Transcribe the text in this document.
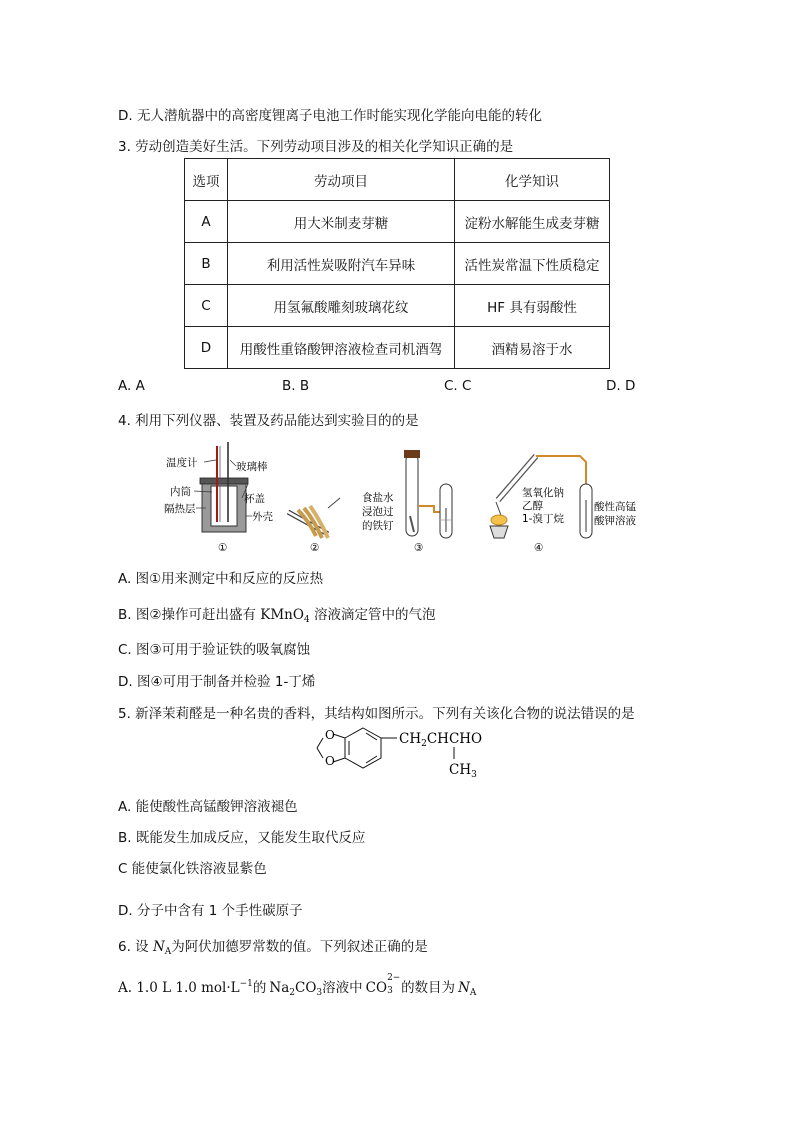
D. 无人潜航器中的高密度锂离子电池工作时能实现化学能向电能的转化
3. 劳动创造美好生活。下列劳动项目涉及的相关化学知识正确的是
选项	劳动项目	化学知识
A	用大米制麦芽糖	淀粉水解能生成麦芽糖
B	利用活性炭吸附汽车异味	活性炭常温下性质稳定
C	用氢氟酸雕刻玻璃花纹	HF 具有弱酸性
D	用酸性重铬酸钾溶液检查司机酒驾	酒精易溶于水
A. A	B. B	C. C	D. D
4. 利用下列仪器、装置及药品能达到实验目的的是
温度计	玻璃棒
内筒
杯盖
隔热层
外壳
①	②
食盐水
浸泡过
的铁钉
③
氢氧化钠
乙醇
1-溴丁烷
酸性高锰
酸钾溶液
④
A. 图①用来测定中和反应的反应热
B. 图②操作可赶出盛有 KMnO$_4$ 溶液滴定管中的气泡
C. 图③可用于验证铁的吸氧腐蚀
D. 图④可用于制备并检验 1-丁烯
5. 新泽茉莉醛是一种名贵的香料，其结构如图所示。下列有关该化合物的说法错误的是
O
O
$CH_2CHCHO$
$CH_3$
A. 能使酸性高锰酸钾溶液褪色
B. 既能发生加成反应，又能发生取代反应
C 能使氯化铁溶液显紫色
D. 分子中含有 1 个手性碳原子
6. 设 $N_A$为阿伏加德罗常数的值。下列叙述正确的是
A. 1.0 L 1.0 $mol\cdot L^{-1}$的 $Na_2CO_3$溶液中 CO
2−
3 的数目为 $N_A$
